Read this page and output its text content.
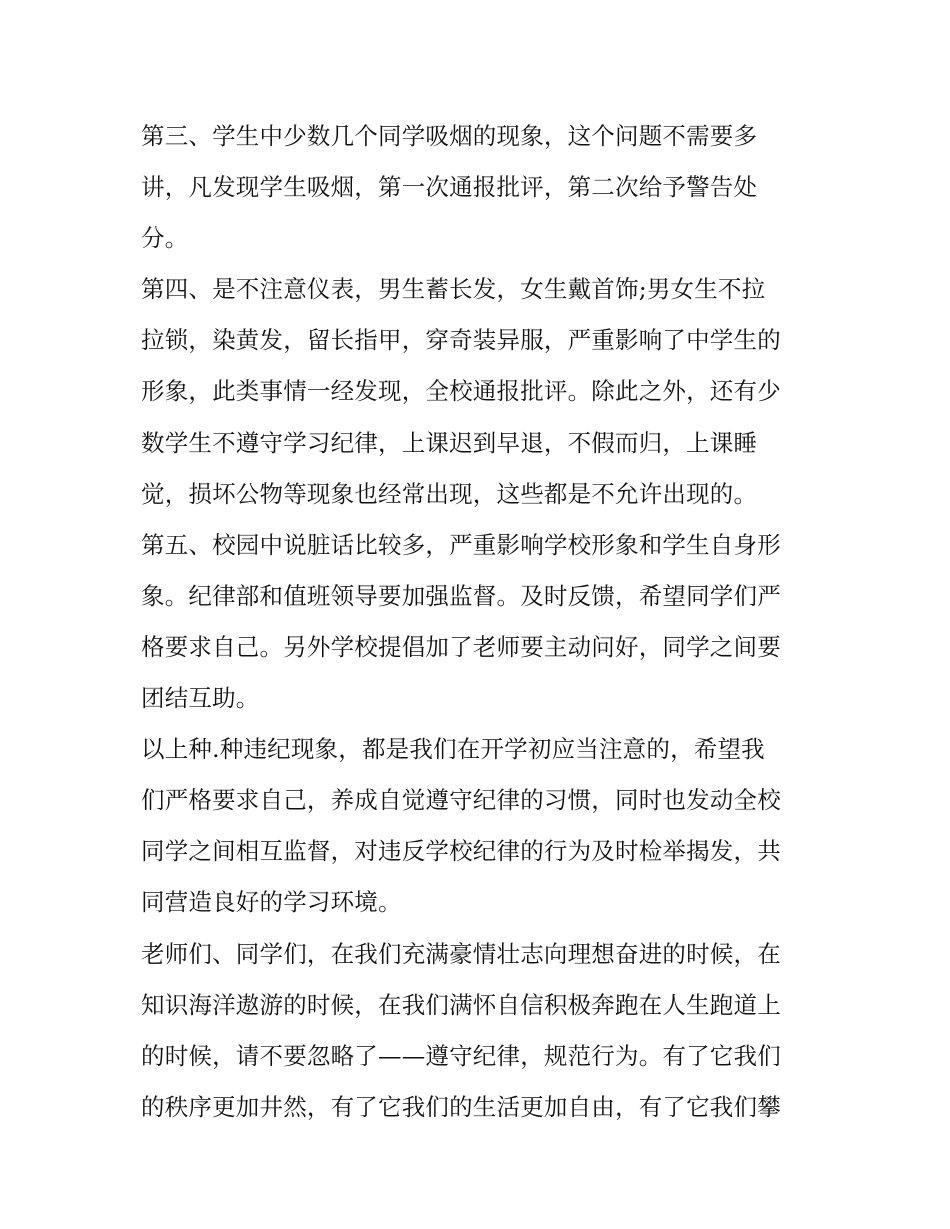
第三、学生中少数几个同学吸烟的现象，这个问题不需要多
讲，凡发现学生吸烟，第一次通报批评，第二次给予警告处
分。
第四、是不注意仪表，男生蓄长发，女生戴首饰;男女生不拉
拉锁，染黄发，留长指甲，穿奇装异服，严重影响了中学生的
形象，此类事情一经发现，全校通报批评。除此之外，还有少
数学生不遵守学习纪律，上课迟到早退，不假而归，上课睡
觉，损坏公物等现象也经常出现，这些都是不允许出现的。
第五、校园中说脏话比较多，严重影响学校形象和学生自身形
象。纪律部和值班领导要加强监督。及时反馈，希望同学们严
格要求自己。另外学校提倡加了老师要主动问好，同学之间要
团结互助。
以上种.种违纪现象，都是我们在开学初应当注意的，希望我
们严格要求自己，养成自觉遵守纪律的习惯，同时也发动全校
同学之间相互监督，对违反学校纪律的行为及时检举揭发，共
同营造良好的学习环境。
老师们、同学们，在我们充满豪情壮志向理想奋进的时候，在
知识海洋遨游的时候，在我们满怀自信积极奔跑在人生跑道上
的时候，请不要忽略了——遵守纪律，规范行为。有了它我们
的秩序更加井然，有了它我们的生活更加自由，有了它我们攀
